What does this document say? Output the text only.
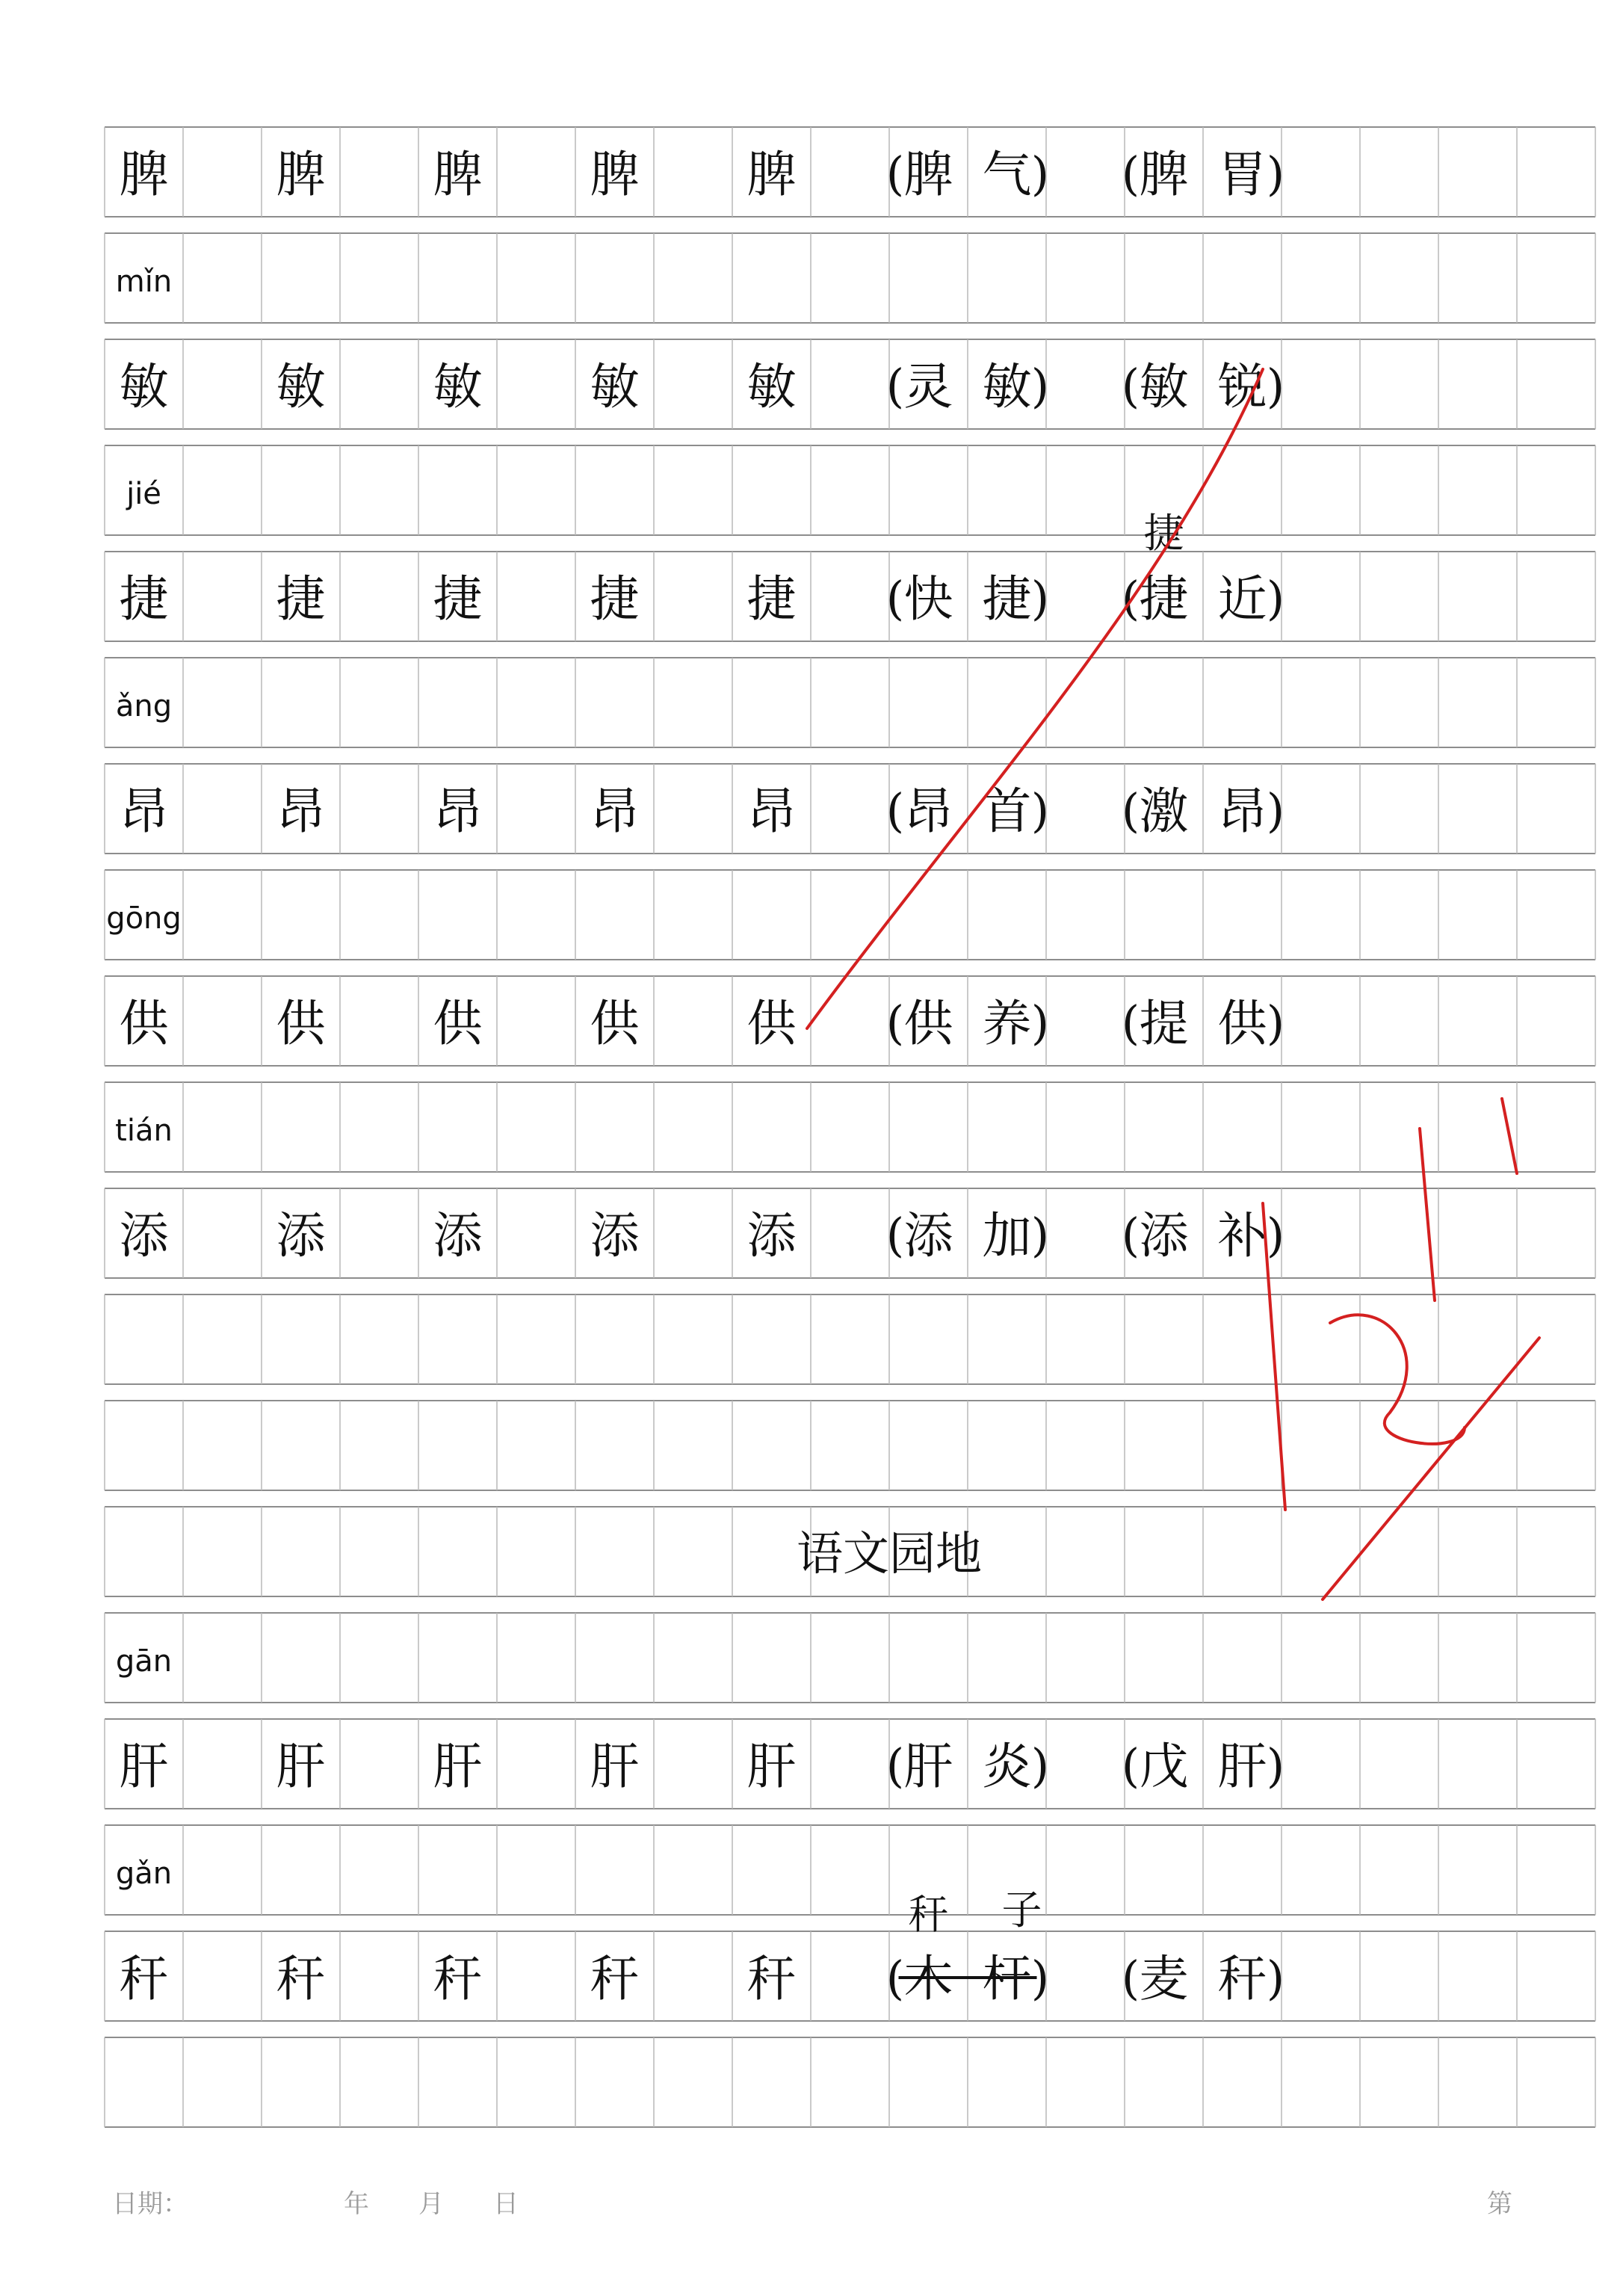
脾 脾 脾 脾 脾 ( 脾 气 ) ( 脾 胃 )
mǐn
敏 敏 敏 敏 敏 ( 灵 敏 ) ( 敏 锐 )
jié
捷 捷 捷 捷 捷 ( 快 捷 ) ( 捷 近 )
ǎng
昂 昂 昂 昂 昂 ( 昂 首 ) ( 激 昂 )
gōng
供 供 供 供 供 ( 供 养 ) ( 提 供 )
tián
添 添 添 添 添 ( 添 加 ) ( 添 补 )
捷
语文园地
gān
肝 肝 肝 肝 肝 ( 肝 炎 ) ( 戊 肝 )
gǎn
秆 秆 秆 秆 秆 ( 木 杆 ) ( 麦 秆 )
秆 子
日期：	年 月 日	第
